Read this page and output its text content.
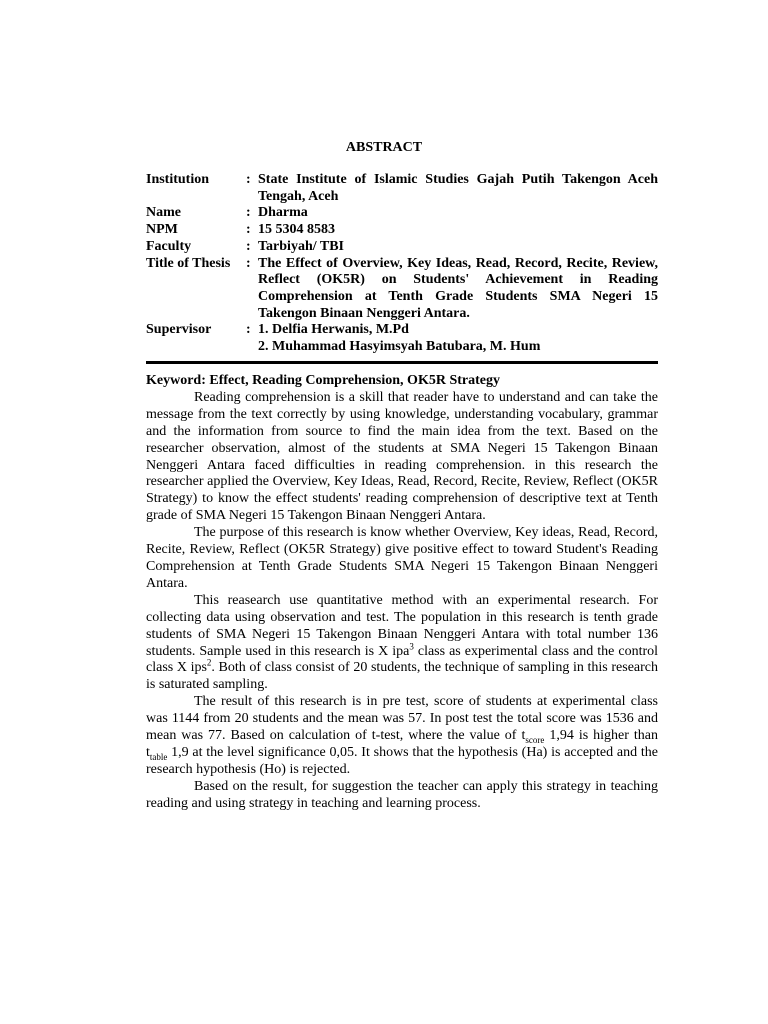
ABSTRACT
Institution	: State Institute of Islamic Studies Gajah Putih Takengon Aceh Tengah, Aceh
Name	: Dharma
NPM	: 15 5304 8583
Faculty	: Tarbiyah/ TBI
Title of Thesis	: The Effect of Overview, Key Ideas, Read, Record, Recite, Review, Reflect (OK5R) on Students' Achievement in Reading Comprehension at Tenth Grade Students SMA Negeri 15 Takengon Binaan Nenggeri Antara.
Supervisor	: 1. Delfia Herwanis, M.Pd
2. Muhammad Hasyimsyah Batubara, M. Hum
Keyword: Effect, Reading Comprehension, OK5R Strategy

Reading comprehension is a skill that reader have to understand and can take the message from the text correctly by using knowledge, understanding vocabulary, grammar and the information from source to find the main idea from the text. Based on the researcher observation, almost of the students at SMA Negeri 15 Takengon Binaan Nenggeri Antara faced difficulties in reading comprehension. in this research the researcher applied the Overview, Key Ideas, Read, Record, Recite, Review, Reflect (OK5R Strategy) to know the effect students' reading comprehension of descriptive text at Tenth grade of SMA Negeri 15 Takengon Binaan Nenggeri Antara.

The purpose of this research is know whether Overview, Key ideas, Read, Record, Recite, Review, Reflect (OK5R Strategy) give positive effect to toward Student's Reading Comprehension at Tenth Grade Students SMA Negeri 15 Takengon Binaan Nenggeri Antara.

This reasearch use quantitative method with an experimental research. For collecting data using observation and test. The population in this research is tenth grade students of SMA Negeri 15 Takengon Binaan Nenggeri Antara with total number 136 students. Sample used in this research is X ipa$^3$ class as experimental class and the control class X ips$^2$. Both of class consist of 20 students, the technique of sampling in this research is saturated sampling.

The result of this research is in pre test, score of students at experimental class was 1144 from 20 students and the mean was 57. In post test the total score was 1536 and mean was 77. Based on calculation of t-test, where the value of $t_{score}$ 1,94 is higher than $t_{table}$ 1,9 at the level significance 0,05. It shows that the hypothesis (Ha) is accepted and the research hypothesis (Ho) is rejected.

Based on the result, for suggestion the teacher can apply this strategy in teaching reading and using strategy in teaching and learning process.
